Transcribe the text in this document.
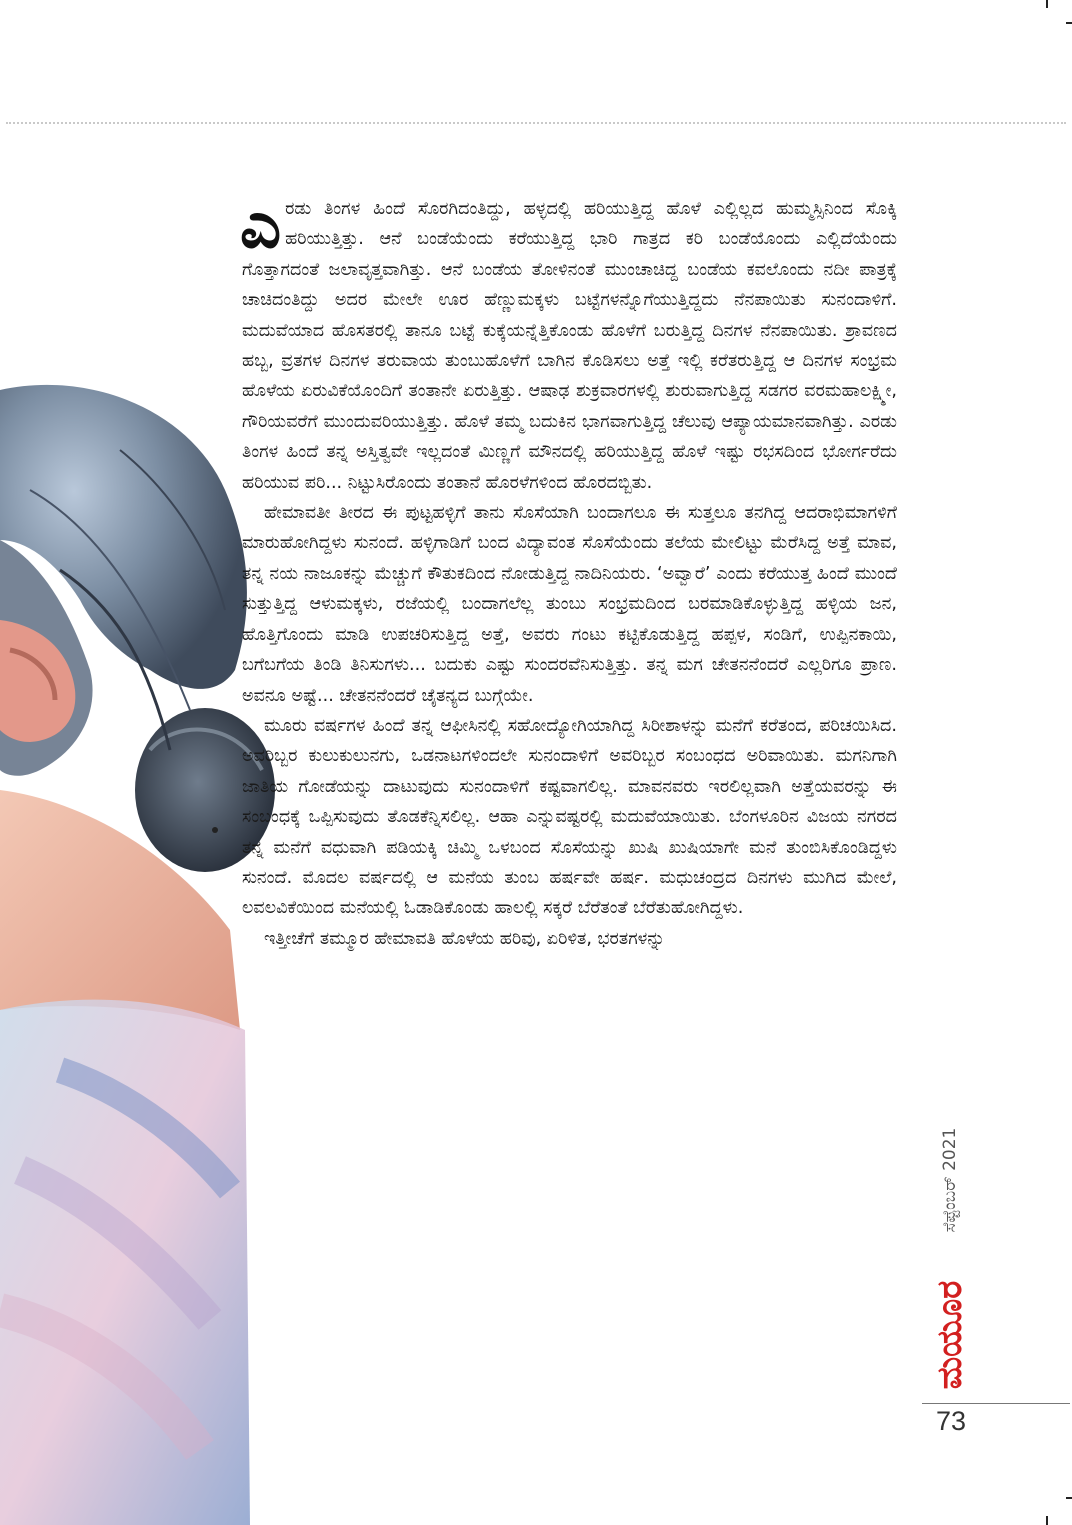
ಎರಡು ತಿಂಗಳ ಹಿಂದೆ ಸೊರಗಿದಂತಿದ್ದು, ಹಳ್ಳದಲ್ಲಿ ಹರಿಯುತ್ತಿದ್ದ ಹೊಳೆ ಎಲ್ಲಿಲ್ಲದ ಹುಮ್ಮಸ್ಸಿನಿಂದ ಸೊಕ್ಕಿ ಹರಿಯುತ್ತಿತ್ತು. ಆನೆ ಬಂಡೆಯೆಂದು ಕರೆಯುತ್ತಿದ್ದ ಭಾರಿ ಗಾತ್ರದ ಕರಿ ಬಂಡೆಯೊಂದು ಎಲ್ಲಿದೆಯೆಂದು ಗೊತ್ತಾಗದಂತೆ ಜಲಾವೃತ್ತವಾಗಿತ್ತು. ಆನೆ ಬಂಡೆಯ ತೋಳಿನಂತೆ ಮುಂಚಾಚಿದ್ದ ಬಂಡೆಯ ಕವಲೊಂದು ನದೀ ಪಾತ್ರಕ್ಕೆ ಚಾಚಿದಂತಿದ್ದು ಅದರ ಮೇಲೇ ಊರ ಹೆಣ್ಣುಮಕ್ಕಳು ಬಟ್ಟೆಗಳನ್ನೊಗೆಯುತ್ತಿದ್ದದು ನೆನಪಾಯಿತು ಸುನಂದಾಳಿಗೆ. ಮದುವೆಯಾದ ಹೊಸತರಲ್ಲಿ ತಾನೂ ಬಟ್ಟೆ ಕುಕ್ಕೆಯನ್ನೆತ್ತಿಕೊಂಡು ಹೊಳೆಗೆ ಬರುತ್ತಿದ್ದ ದಿನಗಳ ನೆನಪಾಯಿತು. ಶ್ರಾವಣದ ಹಬ್ಬ, ವ್ರತಗಳ ದಿನಗಳ ತರುವಾಯ ತುಂಬುಹೊಳೆಗೆ ಬಾಗಿನ ಕೊಡಿಸಲು ಅತ್ತೆ ಇಲ್ಲಿ ಕರೆತರುತ್ತಿದ್ದ ಆ ದಿನಗಳ ಸಂಭ್ರಮ ಹೊಳೆಯ ಏರುವಿಕೆಯೊಂದಿಗೆ ತಂತಾನೇ ಏರುತ್ತಿತ್ತು. ಆಷಾಢ ಶುಕ್ರವಾರಗಳಲ್ಲಿ ಶುರುವಾಗುತ್ತಿದ್ದ ಸಡಗರ ವರಮಹಾಲಕ್ಷ್ಮೀ, ಗೌರಿಯವರೆಗೆ ಮುಂದುವರಿಯುತ್ತಿತ್ತು. ಹೊಳೆ ತಮ್ಮ ಬದುಕಿನ ಭಾಗವಾಗುತ್ತಿದ್ದ ಚೆಲುವು ಆಪ್ಯಾಯಮಾನವಾಗಿತ್ತು. ಎರಡು ತಿಂಗಳ ಹಿಂದೆ ತನ್ನ ಅಸ್ತಿತ್ವವೇ ಇಲ್ಲದಂತೆ ಮಿಣ್ಣಗೆ ಮೌನದಲ್ಲಿ ಹರಿಯುತ್ತಿದ್ದ ಹೊಳೆ ಇಷ್ಟು ರಭಸದಿಂದ ಭೋರ್ಗರೆದು ಹರಿಯುವ ಪರಿ... ನಿಟ್ಟುಸಿರೊಂದು ತಂತಾನೆ ಹೊರಳೆಗಳಿಂದ ಹೊರದಬ್ಬಿತು.

ಹೇಮಾವತೀ ತೀರದ ಈ ಪುಟ್ಟಹಳ್ಳಿಗೆ ತಾನು ಸೊಸೆಯಾಗಿ ಬಂದಾಗಲೂ ಈ ಸುತ್ತಲೂ ತನಗಿದ್ದ ಆದರಾಭಿಮಾಗಳಿಗೆ ಮಾರುಹೋಗಿದ್ದಳು ಸುನಂದೆ. ಹಳ್ಳಿಗಾಡಿಗೆ ಬಂದ ವಿದ್ಯಾವಂತ ಸೊಸೆಯೆಂದು ತಲೆಯ ಮೇಲಿಟ್ಟು ಮೆರೆಸಿದ್ದ ಅತ್ತೆ ಮಾವ, ತನ್ನ ನಯ ನಾಜೂಕನ್ನು ಮೆಚ್ಚುಗೆ ಕೌತುಕದಿಂದ ನೋಡುತ್ತಿದ್ದ ನಾದಿನಿಯರು. ‘ಅವ್ವಾರೆ’ ಎಂದು ಕರೆಯುತ್ತ ಹಿಂದೆ ಮುಂದೆ ಸುತ್ತುತ್ತಿದ್ದ ಆಳುಮಕ್ಕಳು, ರಜೆಯಲ್ಲಿ ಬಂದಾಗಲೆಲ್ಲ ತುಂಬು ಸಂಭ್ರಮದಿಂದ ಬರಮಾಡಿಕೊಳ್ಳುತ್ತಿದ್ದ ಹಳ್ಳಿಯ ಜನ, ಹೊತ್ತಿಗೊಂದು ಮಾಡಿ ಉಪಚರಿಸುತ್ತಿದ್ದ ಅತ್ತೆ, ಅವರು ಗಂಟು ಕಟ್ಟಿಕೊಡುತ್ತಿದ್ದ ಹಪ್ಪಳ, ಸಂಡಿಗೆ, ಉಪ್ಪಿನಕಾಯಿ, ಬಗೆಬಗೆಯ ತಿಂಡಿ ತಿನಿಸುಗಳು... ಬದುಕು ಎಷ್ಟು ಸುಂದರವೆನಿಸುತ್ತಿತ್ತು. ತನ್ನ ಮಗ ಚೇತನನೆಂದರೆ ಎಲ್ಲರಿಗೂ ಪ್ರಾಣ. ಅವನೂ ಅಷ್ಟೆ... ಚೇತನನೆಂದರೆ ಚೈತನ್ಯದ ಬುಗ್ಗೆಯೇ.

ಮೂರು ವರ್ಷಗಳ ಹಿಂದೆ ತನ್ನ ಆಫೀಸಿನಲ್ಲಿ ಸಹೋದ್ಯೋಗಿಯಾಗಿದ್ದ ಸಿರೀಶಾಳನ್ನು ಮನೆಗೆ ಕರೆತಂದ, ಪರಿಚಯಿಸಿದ. ಅವರಿಬ್ಬರ ಕುಲುಕುಲುನಗು, ಒಡನಾಟಗಳಿಂದಲೇ ಸುನಂದಾಳಿಗೆ ಅವರಿಬ್ಬರ ಸಂಬಂಧದ ಅರಿವಾಯಿತು. ಮಗನಿಗಾಗಿ ಜಾತಿಯ ಗೋಡೆಯನ್ನು ದಾಟುವುದು ಸುನಂದಾಳಿಗೆ ಕಷ್ಟವಾಗಲಿಲ್ಲ. ಮಾವನವರು ಇರಲಿಲ್ಲವಾಗಿ ಅತ್ತೆಯವರನ್ನು ಈ ಸಂಬಂಧಕ್ಕೆ ಒಪ್ಪಿಸುವುದು ತೊಡಕೆನ್ನಿಸಲಿಲ್ಲ. ಆಹಾ ಎನ್ನುವಷ್ಟರಲ್ಲಿ ಮದುವೆಯಾಯಿತು. ಬೆಂಗಳೂರಿನ ವಿಜಯ ನಗರದ ತನ್ನ ಮನೆಗೆ ವಧುವಾಗಿ ಪಡಿಯಕ್ಕಿ ಚಿಮ್ಮಿ ಒಳಬಂದ ಸೊಸೆಯನ್ನು ಖುಷಿ ಖುಷಿಯಾಗೇ ಮನೆ ತುಂಬಿಸಿಕೊಂಡಿದ್ದಳು ಸುನಂದೆ. ಮೊದಲ ವರ್ಷದಲ್ಲಿ ಆ ಮನೆಯ ತುಂಬ ಹರ್ಷವೇ ಹರ್ಷ. ಮಧುಚಂದ್ರದ ದಿನಗಳು ಮುಗಿದ ಮೇಲೆ, ಲವಲವಿಕೆಯಿಂದ ಮನೆಯಲ್ಲಿ ಓಡಾಡಿಕೊಂಡು ಹಾಲಲ್ಲಿ ಸಕ್ಕರೆ ಬೆರೆತಂತೆ ಬೆರೆತುಹೋಗಿದ್ದಳು.

ಇತ್ತೀಚೆಗೆ ತಮ್ಮೂರ ಹೇಮಾವತಿ ಹೊಳೆಯ ಹರಿವು, ಏರಿಳಿತ, ಭರತಗಳನ್ನು

ಸೆಪ್ಟೆಂಬರ್ 2021
ಮಯೂರ
73
